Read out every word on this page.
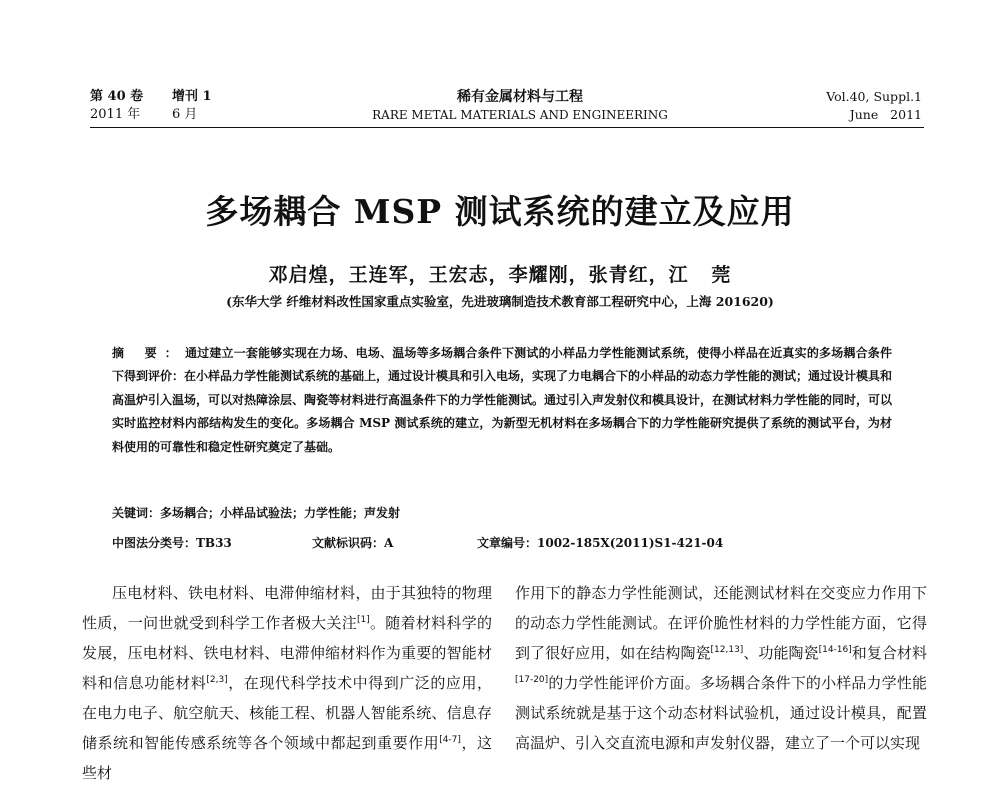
第 40 卷 增刊 1
2011 年 6 月
稀有金属材料与工程
RARE METAL MATERIALS AND ENGINEERING
Vol.40, Suppl.1
June   2011
多场耦合 MSP 测试系统的建立及应用
邓启煌，王连军，王宏志，李耀刚，张青红，江   莞
(东华大学 纤维材料改性国家重点实验室，先进玻璃制造技术教育部工程研究中心，上海 201620)
摘 要：通过建立一套能够实现在力场、电场、温场等多场耦合条件下测试的小样品力学性能测试系统，使得小样品在近真实的多场耦合条件下得到评价：在小样品力学性能测试系统的基础上，通过设计模具和引入电场，实现了力电耦合下的小样品的动态力学性能的测试；通过设计模具和高温炉引入温场，可以对热障涂层、陶瓷等材料进行高温条件下的力学性能测试。通过引入声发射仪和模具设计，在测试材料力学性能的同时，可以实时监控材料内部结构发生的变化。多场耦合 MSP 测试系统的建立，为新型无机材料在多场耦合下的力学性能研究提供了系统的测试平台，为材料使用的可靠性和稳定性研究奠定了基础。
关键词：多场耦合；小样品试验法；力学性能；声发射
中图法分类号：TB33	文献标识码：A	文章编号：1002-185X(2011)S1-421-04

压电材料、铁电材料、电滞伸缩材料，由于其独特的物理性质，一问世就受到科学工作者极大关注[1]。随着材料科学的发展，压电材料、铁电材料、电滞伸缩材料作为重要的智能材料和信息功能材料[2,3]，在现代科学技术中得到广泛的应用，在电力电子、航空航天、核能工程、机器人智能系统、信息存储系统和智能传感系统等各个领域中都起到重要作用[4-7]，这些材

作用下的静态力学性能测试，还能测试材料在交变应力作用下的动态力学性能测试。在评价脆性材料的力学性能方面，它得到了很好应用，如在结构陶瓷[12,13]、功能陶瓷[14-16]和复合材料[17-20]的力学性能评价方面。多场耦合条件下的小样品力学性能测试系统就是基于这个动态材料试验机，通过设计模具，配置高温炉、引入交直流电源和声发射仪器，建立了一个可以实现
